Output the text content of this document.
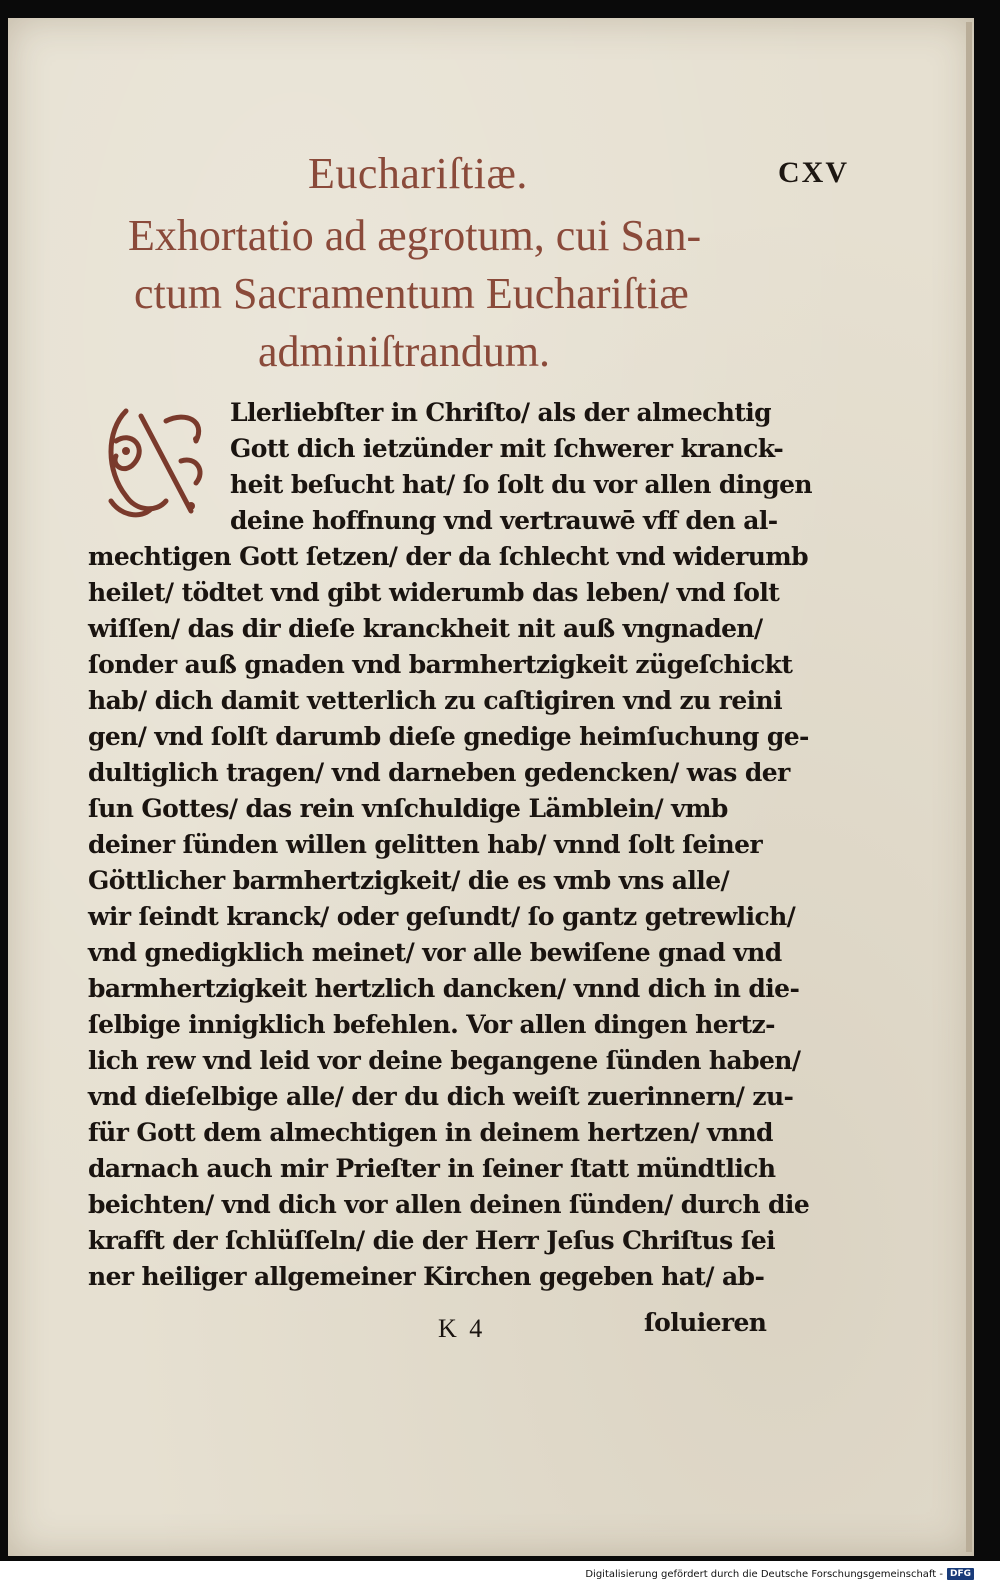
Euchariſtiæ.	CXV
Exhortatio ad ægrotum, cui San-
ctum Sacramentum Euchariſtiæ
adminiſtrandum.
Llerliebſter in Chriſto/ als der almechtig
Gott dich ietzünder mit ſchwerer kranck-
heit beſucht hat/ ſo ſolt du vor allen dingen
deine hoffnung vnd vertrauwē vff den al-
mechtigen Gott ſetzen/ der da ſchlecht vnd widerumb
heilet/ tödtet vnd gibt widerumb das leben/ vnd ſolt
wiſſen/ das dir dieſe kranckheit nit auß vngnaden/
ſonder auß gnaden vnd barmhertzigkeit zügeſchickt
hab/ dich damit vetterlich zu caſtigiren vnd zu reini
gen/ vnd ſolſt darumb dieſe gnedige heimſuchung ge-
dultiglich tragen/ vnd darneben gedencken/ was der
ſun Gottes/ das rein vnſchuldige Lämblein/ vmb
deiner ſünden willen gelitten hab/ vnnd ſolt ſeiner
Göttlicher barmhertzigkeit/ die es vmb vns alle/
wir ſeindt kranck/ oder geſundt/ ſo gantz getrewlich/
vnd gnedigklich meinet/ vor alle bewiſene gnad vnd
barmhertzigkeit hertzlich dancken/ vnnd dich in die-
ſelbige innigklich befehlen. Vor allen dingen hertz-
lich rew vnd leid vor deine begangene ſünden haben/
vnd dieſelbige alle/ der du dich weiſt zuerinnern/ zu-
für Gott dem almechtigen in deinem hertzen/ vnnd
darnach auch mir Prieſter in ſeiner ſtatt mündtlich
beichten/ vnd dich vor allen deinen ſünden/ durch die
krafft der ſchlüſſeln/ die der Herr Jeſus Chriſtus ſei
ner heiliger allgemeiner Kirchen gegeben hat/ ab-
K 4	ſoluieren
Digitalisierung gefördert durch die Deutsche Forschungsgemeinschaft - DFG
